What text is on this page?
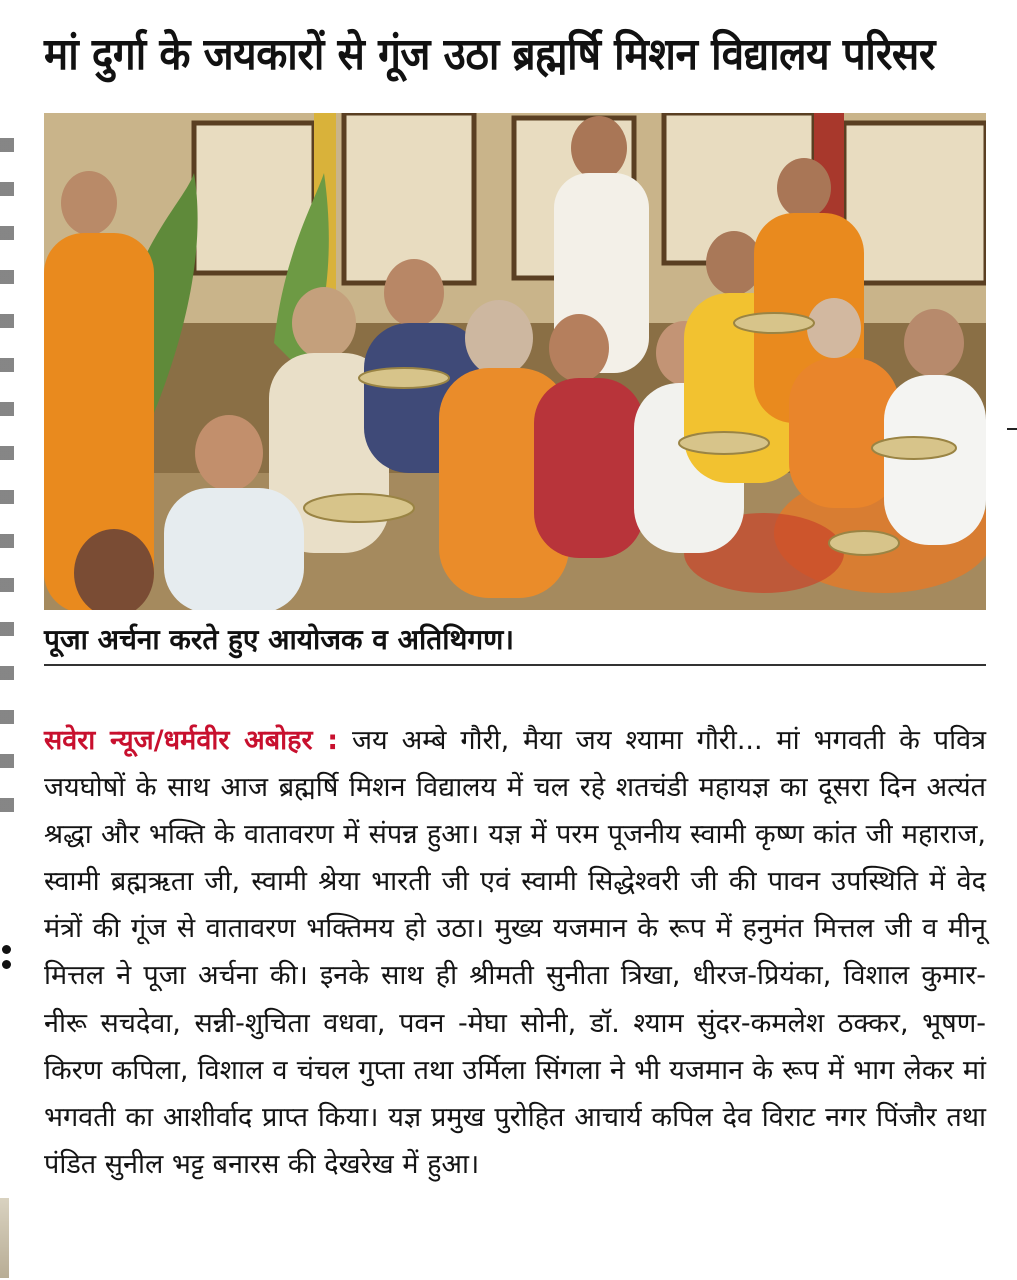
मां दुर्गा के जयकारों से गूंज उठा ब्रह्मर्षि मिशन विद्यालय परिसर
पूजा अर्चना करते हुए आयोजक व अतिथिगण।

सवेरा न्यूज/धर्मवीर अबोहर : जय अम्बे गौरी, मैया जय श्यामा गौरी... मां भगवती के पवित्र जयघोषों के साथ आज ब्रह्मर्षि मिशन विद्यालय में चल रहे शतचंडी महायज्ञ का दूसरा दिन अत्यंत श्रद्धा और भक्ति के वातावरण में संपन्न हुआ। यज्ञ में परम पूजनीय स्वामी कृष्ण कांत जी महाराज, स्वामी ब्रह्मऋता जी, स्वामी श्रेया भारती जी एवं स्वामी सिद्धेश्वरी जी की पावन उपस्थिति में वेद मंत्रों की गूंज से वातावरण भक्तिमय हो उठा। मुख्य यजमान के रूप में हनुमंत मित्तल जी व मीनू मित्तल ने पूजा अर्चना की। इनके साथ ही श्रीमती सुनीता त्रिखा, धीरज-प्रियंका, विशाल कुमार- नीरू सचदेवा, सन्नी-शुचिता वधवा, पवन -मेघा सोनी, डॉ. श्याम सुंदर-कमलेश ठक्कर, भूषण-किरण कपिला, विशाल व चंचल गुप्ता तथा उर्मिला सिंगला ने भी यजमान के रूप में भाग लेकर मां भगवती का आशीर्वाद प्राप्त किया। यज्ञ प्रमुख पुरोहित आचार्य कपिल देव विराट नगर पिंजौर तथा पंडित सुनील भट्ट बनारस की देखरेख में हुआ।
